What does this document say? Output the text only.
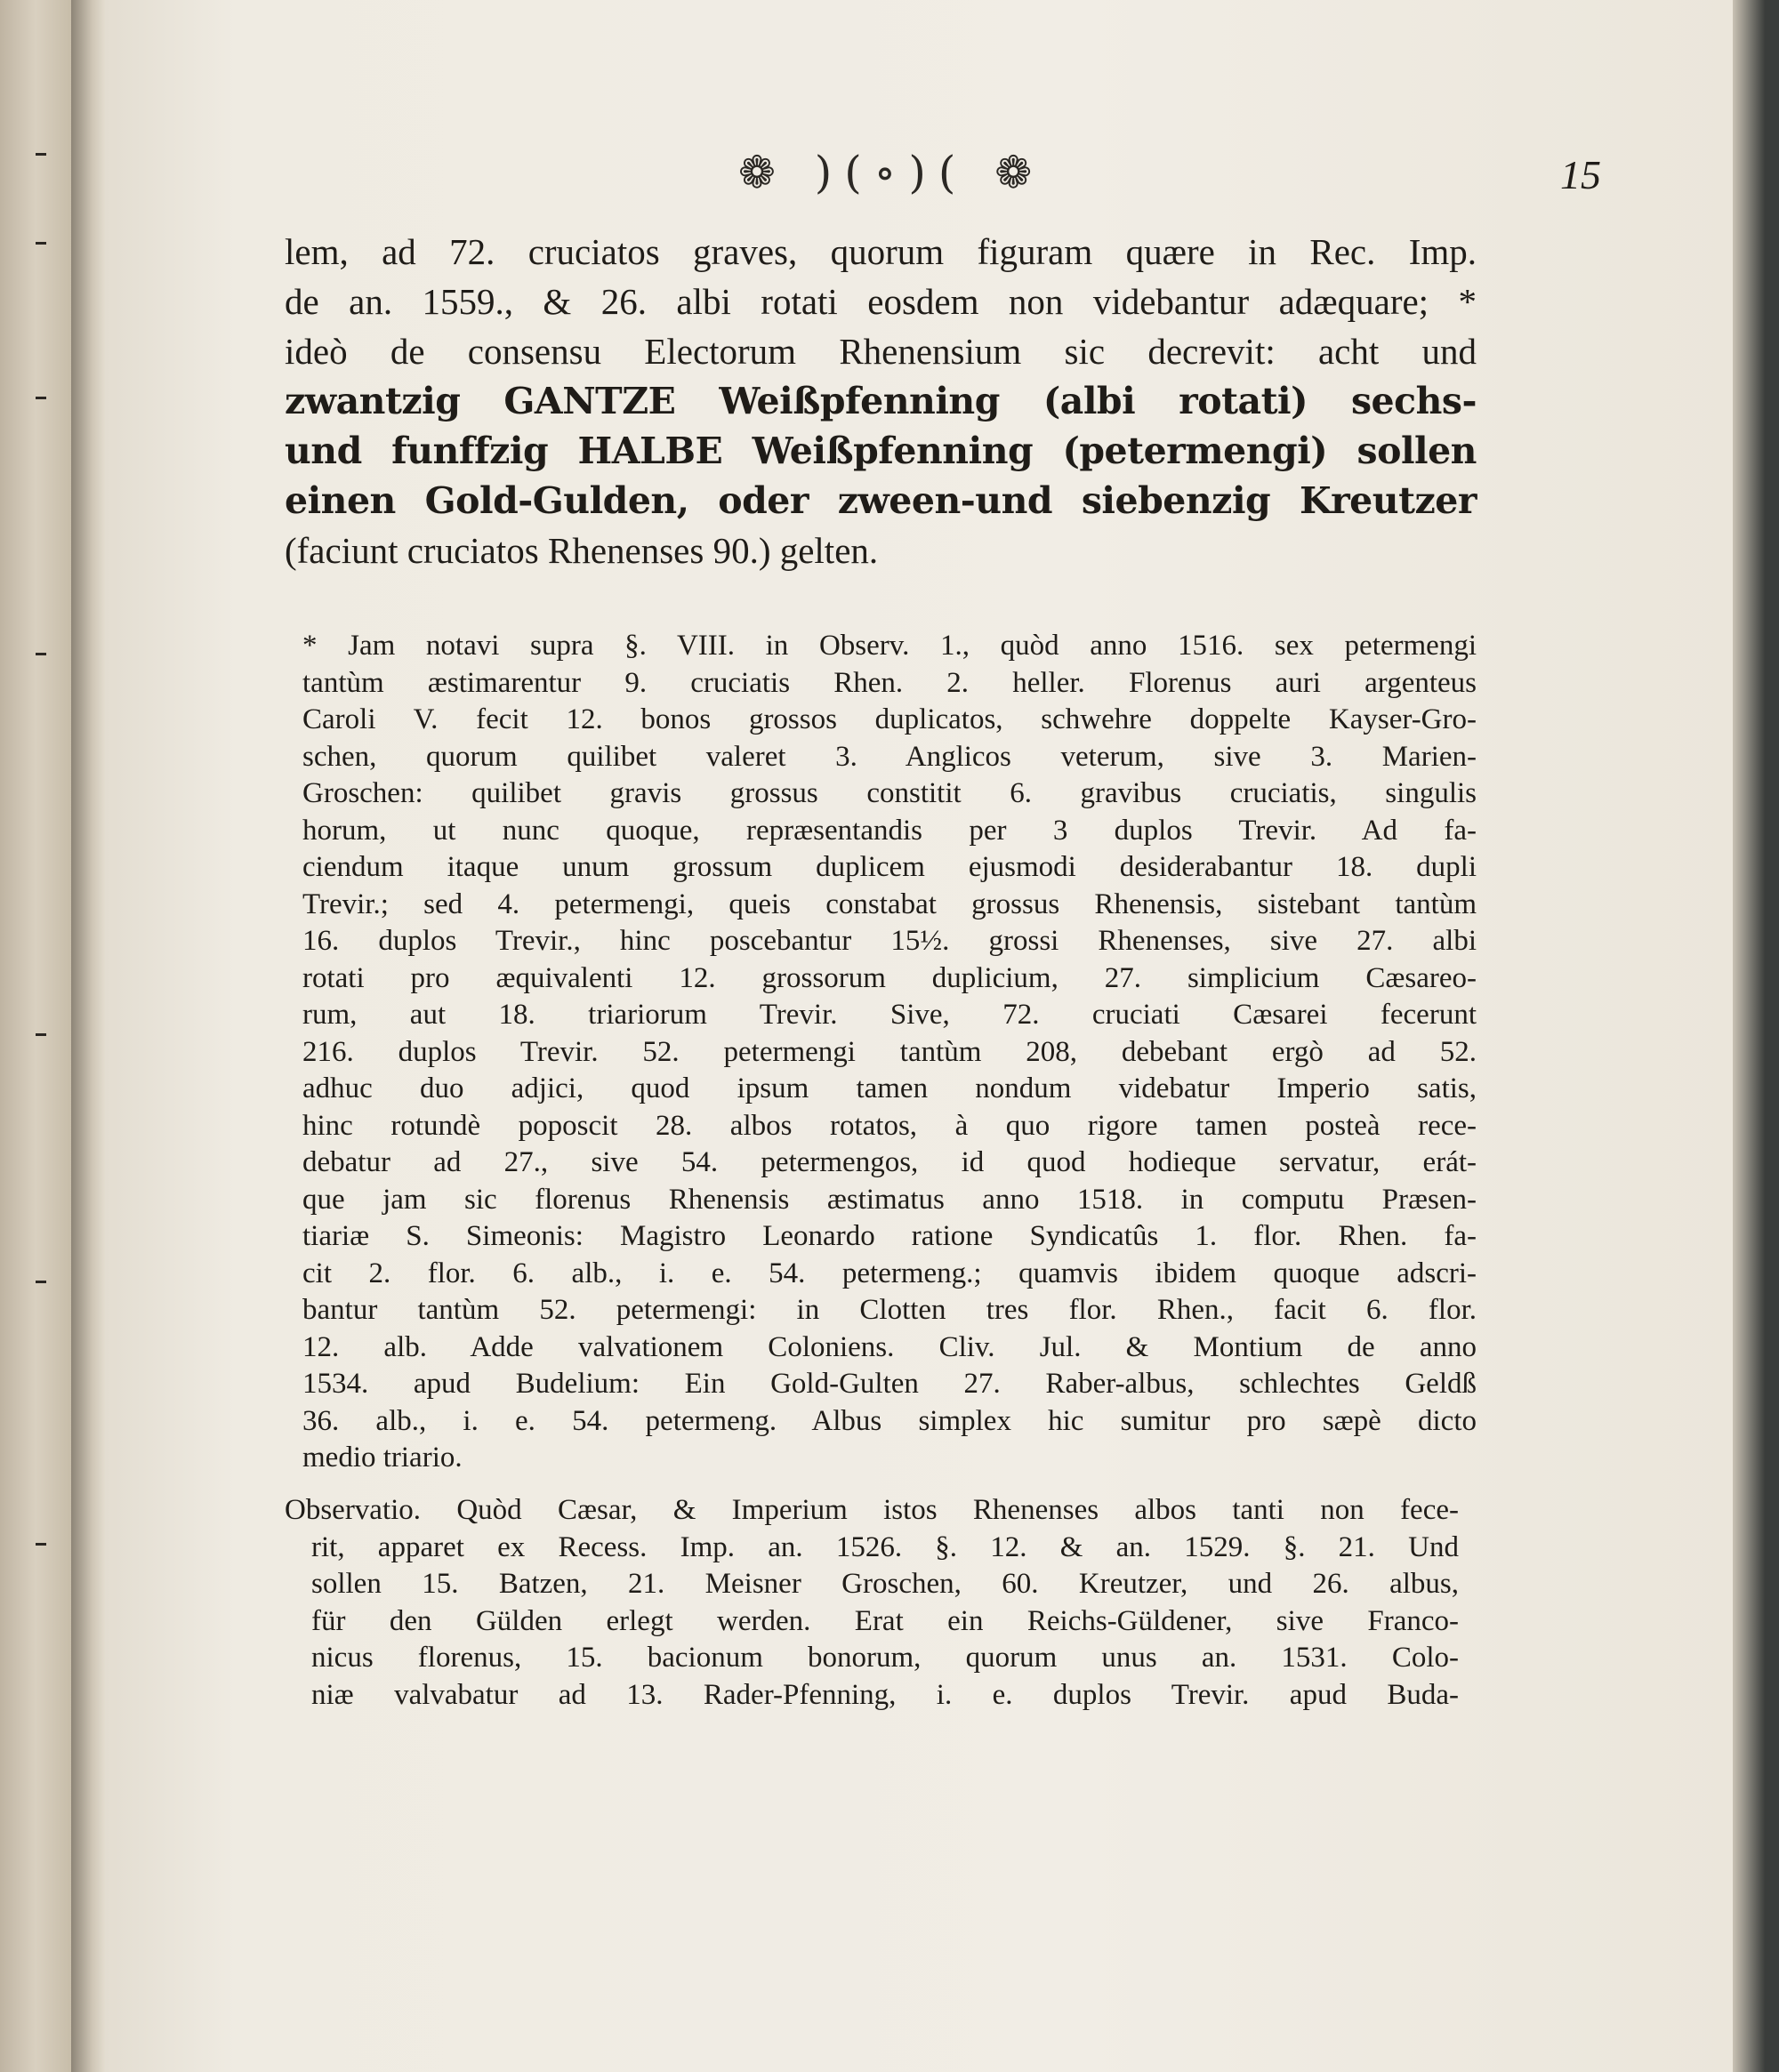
❁ )(∘)( ❁	15
lem, ad 72. cruciatos graves, quorum figuram quære in Rec. Imp.
de an. 1559., & 26. albi rotati eosdem non videbantur adæquare; *
ideò de consensu Electorum Rhenensium sic decrevit: acht und
zwantzig GANTZE Weißpfenning (albi rotati) sechs-
und funffzig HALBE Weißpfenning (petermengi) sollen
einen Gold-Gulden, oder zween-und siebenzig Kreutzer
(faciunt cruciatos Rhenenses 90.) gelten.
* Jam notavi supra §. VIII. in Observ. 1., quòd anno 1516. sex petermengi
tantùm æstimarentur 9. cruciatis Rhen. 2. heller. Florenus auri argenteus
Caroli V. fecit 12. bonos grossos duplicatos, schwehre doppelte Kayser-Gro-
schen, quorum quilibet valeret 3. Anglicos veterum, sive 3. Marien-
Groschen: quilibet gravis grossus constitit 6. gravibus cruciatis, singulis
horum, ut nunc quoque, repræsentandis per 3 duplos Trevir. Ad fa-
ciendum itaque unum grossum duplicem ejusmodi desiderabantur 18. dupli
Trevir.; sed 4. petermengi, queis constabat grossus Rhenensis, sistebant tantùm
16. duplos Trevir., hinc poscebantur 15½. grossi Rhenenses, sive 27. albi
rotati pro æquivalenti 12. grossorum duplicium, 27. simplicium Cæsareo-
rum, aut 18. triariorum Trevir. Sive, 72. cruciati Cæsarei fecerunt
216. duplos Trevir. 52. petermengi tantùm 208, debebant ergò ad 52.
adhuc duo adjici, quod ipsum tamen nondum videbatur Imperio satis,
hinc rotundè poposcit 28. albos rotatos, à quo rigore tamen posteà rece-
debatur ad 27., sive 54. petermengos, id quod hodieque servatur, erát-
que jam sic florenus Rhenensis æstimatus anno 1518. in computu Præsen-
tiariæ S. Simeonis: Magistro Leonardo ratione Syndicatûs 1. flor. Rhen. fa-
cit 2. flor. 6. alb., i. e. 54. petermeng.; quamvis ibidem quoque adscri-
bantur tantùm 52. petermengi: in Clotten tres flor. Rhen., facit 6. flor.
12. alb. Adde valvationem Coloniens. Cliv. Jul. & Montium de anno
1534. apud Budelium: Ein Gold-Gulten 27. Raber-albus, schlechtes Geldß
36. alb., i. e. 54. petermeng. Albus simplex hic sumitur pro sæpè dicto
medio triario.
Observatio. Quòd Cæsar, & Imperium istos Rhenenses albos tanti non fece-
rit, apparet ex Recess. Imp. an. 1526. §. 12. & an. 1529. §. 21. Und
sollen 15. Batzen, 21. Meisner Groschen, 60. Kreutzer, und 26. albus,
für den Gülden erlegt werden. Erat ein Reichs-Güldener, sive Franco-
nicus florenus, 15. bacionum bonorum, quorum unus an. 1531. Colo-
niæ valvabatur ad 13. Rader-Pfenning, i. e. duplos Trevir. apud Buda-
